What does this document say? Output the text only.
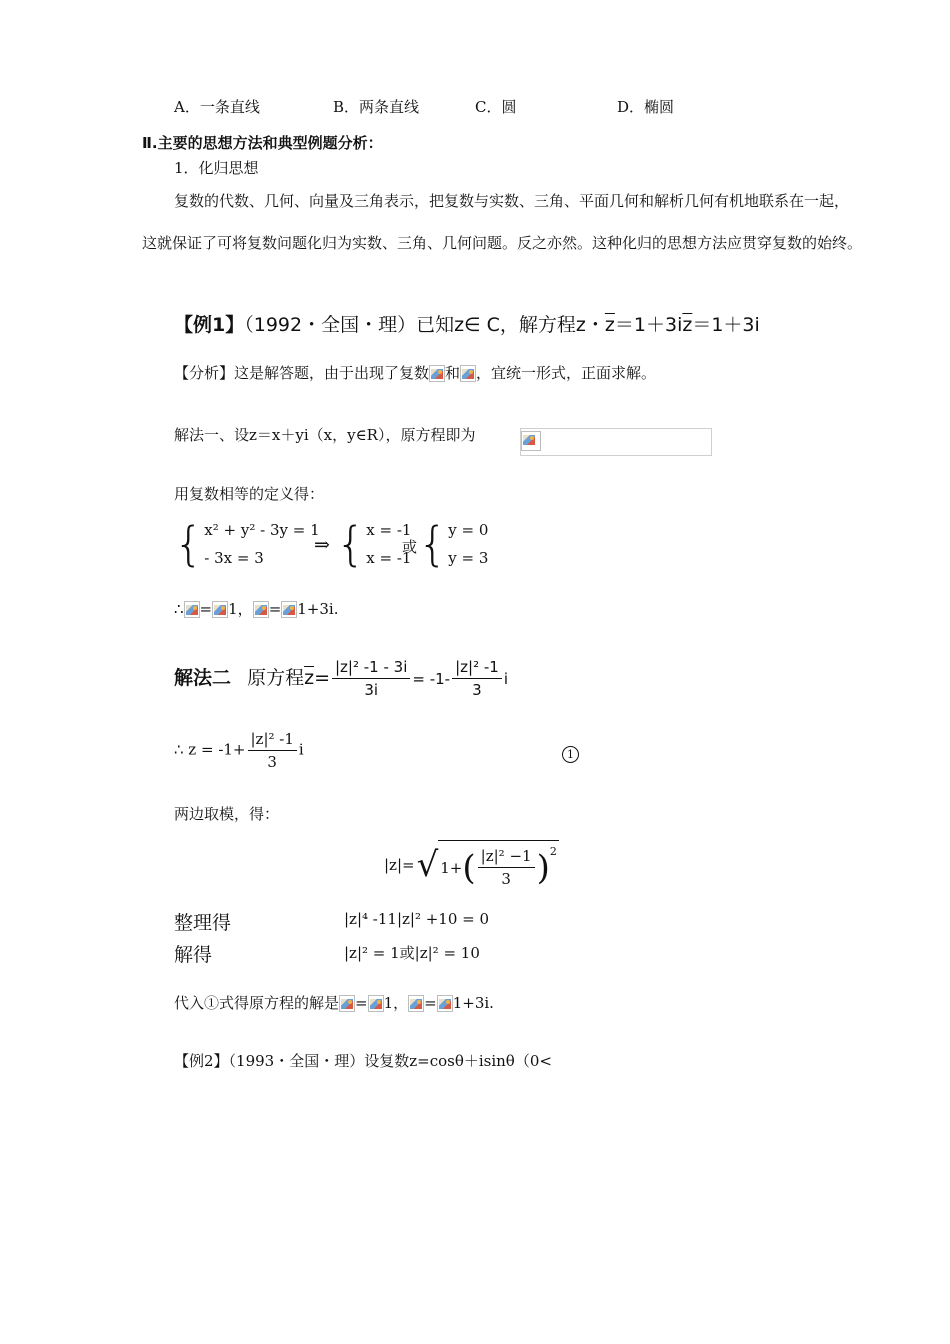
A．一条直线	B．两条直线	C．圆	D．椭圆
Ⅱ.主要的思想方法和典型例题分析：
1．化归思想
复数的代数、几何、向量及三角表示，把复数与实数、三角、平面几何和解析几何有机地联系在一起，这就保证了可将复数问题化归为实数、三角、几何问题。反之亦然。这种化归的思想方法应贯穿复数的始终。
【例1】（1992・全国・理）已知z∈ C，解方程z・$\overline{z}=1+3i\overline{z}=1+3i$
【分析】这是解答题，由于出现了复数 和 ，宜统一形式，正面求解。
解法一、设z＝x＋yi（x，y∈R），原方程即为
用复数相等的定义得：
{ x² + y² - 3y = 1
- 3x = 3
⇒ { x = -1
x = -1
或 { y = 0
y = 3
∴ = 1， = 1+3i.
解法二 原方程$\overline{z}= \frac{\text{|z|² -1 - 3i}}{3i} = -1- \frac{\text{|z|² -1}}{3}$ i
∴ $z = -1+ \frac{\text{|z|² -1}}{3}$ i	1
两边取模，得：
|z|= √ 1+ ( $\frac{\text{|z|² −1}}{3} )^2$
整理得	|z|⁴ -11|z|² +10 = 0
解得	|z|² = 1或|z|² = 10
代入①式得原方程的解是 = 1， = 1+3i.
【例2】（1993・全国・理）设复数z=cosθ＋isinθ（0<
